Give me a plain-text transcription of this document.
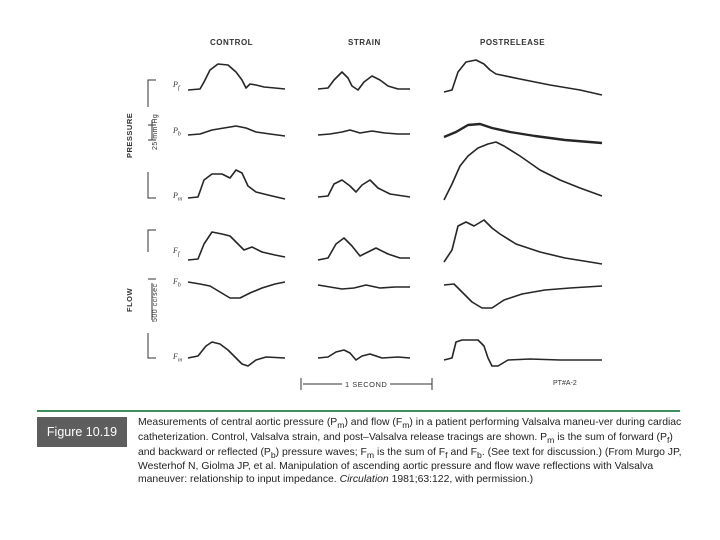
CONTROL	STRAIN	POSTRELEASE
PRESSURE	25 mm Hg
FLOW	500 cc/sec
$P_f$
$P_b$
$P_m$
$F_f$
$F_b$
$F_m$
1 SECOND	PT#A-2
Figure 10.19
Measurements of central aortic pressure $(P_m)$ and flow $(F_m)$ in a patient performing Valsalva maneu-ver during cardiac catheterization. Control, Valsalva strain, and post–Valsalva release tracings are shown. $P_m$ is the sum of forward $(P_f)$ and backward or reflected $(P_b)$ pressure waves; $F_m$ is the sum of $F_f$ and $F_b$. (See text for discussion.) (From Murgo JP, Westerhof N, Giolma JP, et al. Manipulation of ascending aortic pressure and flow wave reflections with Valsalva maneuver: relationship to input impedance. Circulation 1981;63:122, with permission.)
